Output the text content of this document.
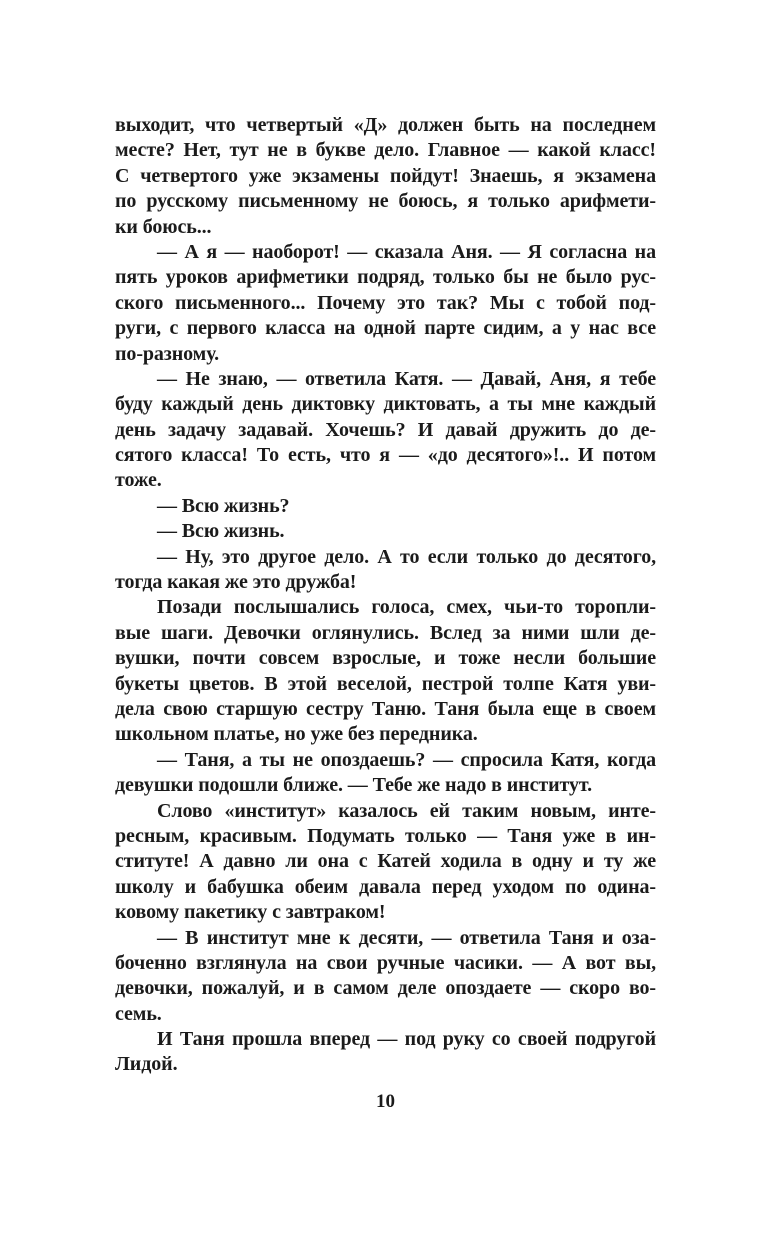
выходит, что четвертый «Д» должен быть на последнем
месте? Нет, тут не в букве дело. Главное — какой класс!
С четвертого уже экзамены пойдут! Знаешь, я экзамена
по русскому письменному не боюсь, я только арифмети-
ки боюсь...
— А я — наоборот! — сказала Аня. — Я согласна на
пять уроков арифметики подряд, только бы не было рус-
ского письменного... Почему это так? Мы с тобой под-
руги, с первого класса на одной парте сидим, а у нас все
по-разному.
— Не знаю, — ответила Катя. — Давай, Аня, я тебе
буду каждый день диктовку диктовать, а ты мне каждый
день задачу задавай. Хочешь? И давай дружить до де-
сятого класса! То есть, что я — «до десятого»!.. И потом
тоже.
— Всю жизнь?
— Всю жизнь.
— Ну, это другое дело. А то если только до десятого,
тогда какая же это дружба!
Позади послышались голоса, смех, чьи-то торопли-
вые шаги. Девочки оглянулись. Вслед за ними шли де-
вушки, почти совсем взрослые, и тоже несли большие
букеты цветов. В этой веселой, пестрой толпе Катя уви-
дела свою старшую сестру Таню. Таня была еще в своем
школьном платье, но уже без передника.
— Таня, а ты не опоздаешь? — спросила Катя, когда
девушки подошли ближе. — Тебе же надо в институт.
Слово «институт» казалось ей таким новым, инте-
ресным, красивым. Подумать только — Таня уже в ин-
ституте! А давно ли она с Катей ходила в одну и ту же
школу и бабушка обеим давала перед уходом по одина-
ковому пакетику с завтраком!
— В институт мне к десяти, — ответила Таня и оза-
боченно взглянула на свои ручные часики. — А вот вы,
девочки, пожалуй, и в самом деле опоздаете — скоро во-
семь.
И Таня прошла вперед — под руку со своей подругой
Лидой.
10
